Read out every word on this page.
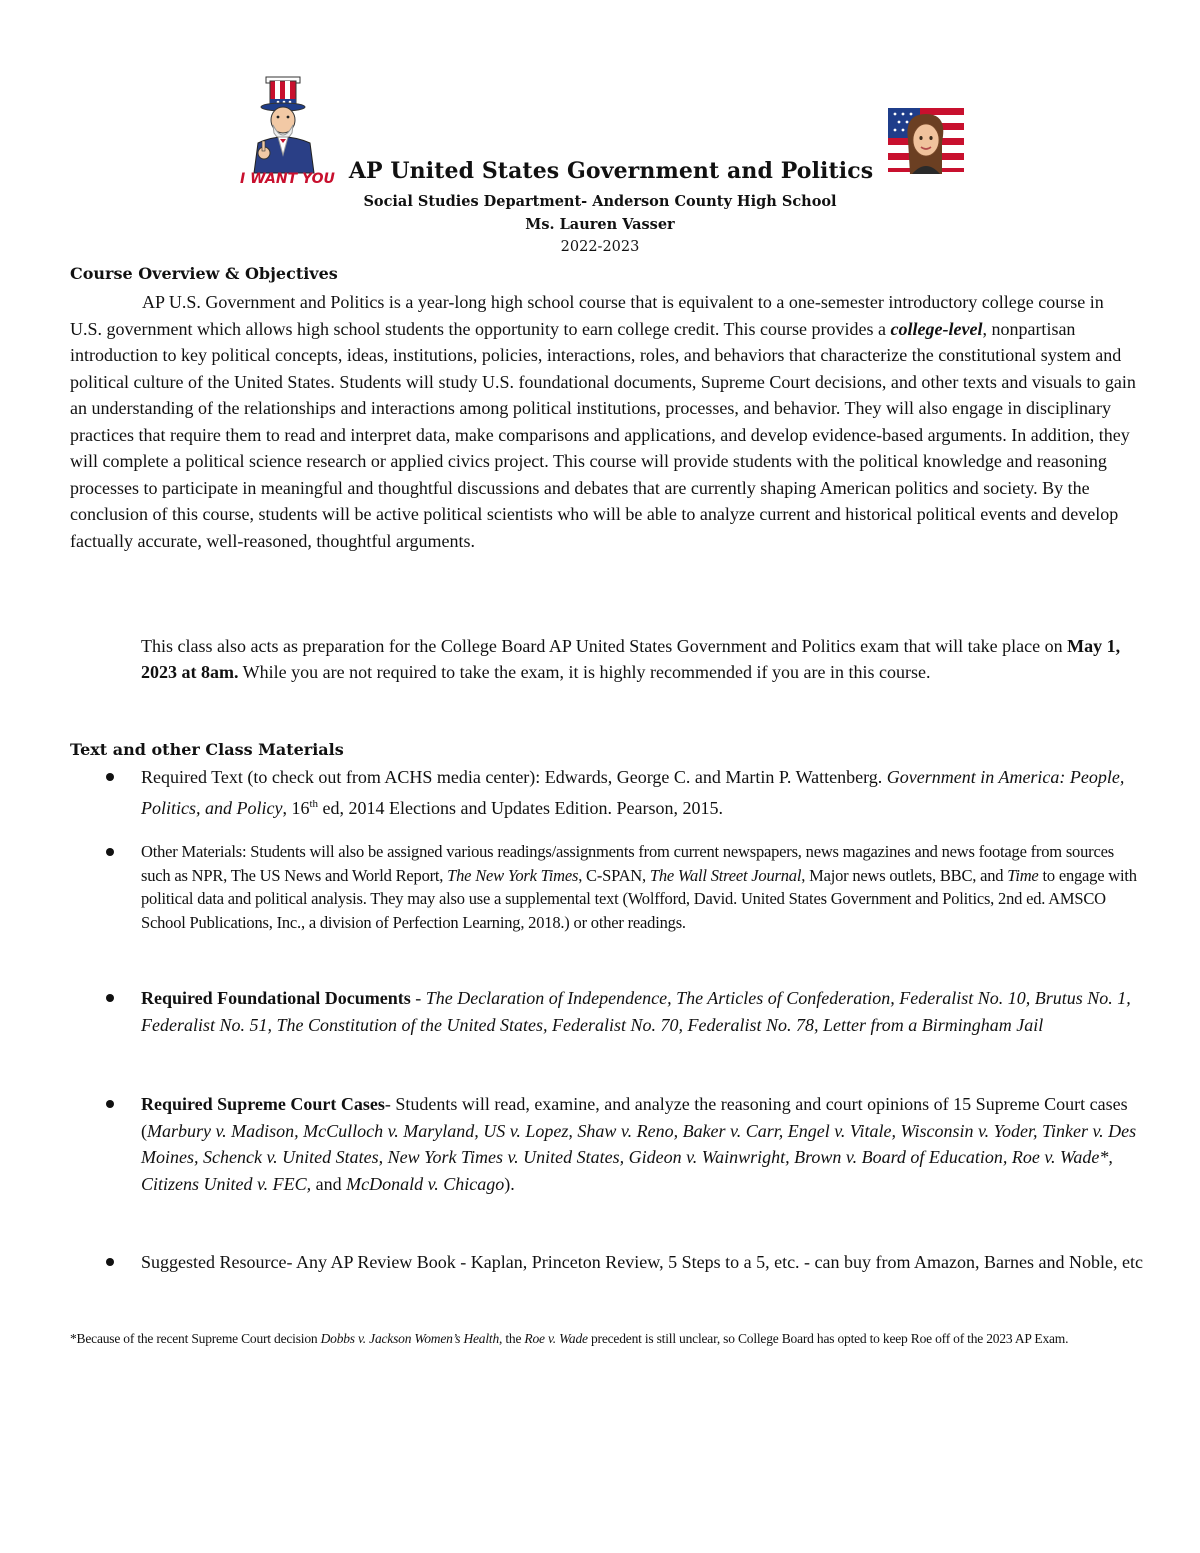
I WANT YOU AP United States Government and Politics
Social Studies Department- Anderson County High School
Ms. Lauren Vasser
2022-2023
Course Overview & Objectives
AP U.S. Government and Politics is a year-long high school course that is equivalent to a one-semester introductory college course in U.S. government which allows high school students the opportunity to earn college credit. This course provides a college-level, nonpartisan introduction to key political concepts, ideas, institutions, policies, interactions, roles, and behaviors that characterize the constitutional system and political culture of the United States. Students will study U.S. foundational documents, Supreme Court decisions, and other texts and visuals to gain an understanding of the relationships and interactions among political institutions, processes, and behavior. They will also engage in disciplinary practices that require them to read and interpret data, make comparisons and applications, and develop evidence-based arguments. In addition, they will complete a political science research or applied civics project. This course will provide students with the political knowledge and reasoning processes to participate in meaningful and thoughtful discussions and debates that are currently shaping American politics and society. By the conclusion of this course, students will be active political scientists who will be able to analyze current and historical political events and develop factually accurate, well-reasoned, thoughtful arguments.
This class also acts as preparation for the College Board AP United States Government and Politics exam that will take place on May 1, 2023 at 8am. While you are not required to take the exam, it is highly recommended if you are in this course.
Text and other Class Materials
Required Text (to check out from ACHS media center): Edwards, George C. and Martin P. Wattenberg. Government in America: People, Politics, and Policy, 16th ed, 2014 Elections and Updates Edition. Pearson, 2015.
Other Materials: Students will also be assigned various readings/assignments from current newspapers, news magazines and news footage from sources such as NPR, The US News and World Report, The New York Times, C-SPAN, The Wall Street Journal, Major news outlets, BBC, and Time to engage with political data and political analysis. They may also use a supplemental text (Wolfford, David. United States Government and Politics, 2nd ed. AMSCO School Publications, Inc., a division of Perfection Learning, 2018.) or other readings.
Required Foundational Documents - The Declaration of Independence, The Articles of Confederation, Federalist No. 10, Brutus No. 1, Federalist No. 51, The Constitution of the United States, Federalist No. 70, Federalist No. 78, Letter from a Birmingham Jail
Required Supreme Court Cases- Students will read, examine, and analyze the reasoning and court opinions of 15 Supreme Court cases (Marbury v. Madison, McCulloch v. Maryland, US v. Lopez, Shaw v. Reno, Baker v. Carr, Engel v. Vitale, Wisconsin v. Yoder, Tinker v. Des Moines, Schenck v. United States, New York Times v. United States, Gideon v. Wainwright, Brown v. Board of Education, Roe v. Wade*, Citizens United v. FEC, and McDonald v. Chicago).
Suggested Resource- Any AP Review Book - Kaplan, Princeton Review, 5 Steps to a 5, etc. - can buy from Amazon, Barnes and Noble, etc
*Because of the recent Supreme Court decision Dobbs v. Jackson Women’s Health, the Roe v. Wade precedent is still unclear, so College Board has opted to keep Roe off of the 2023 AP Exam.
